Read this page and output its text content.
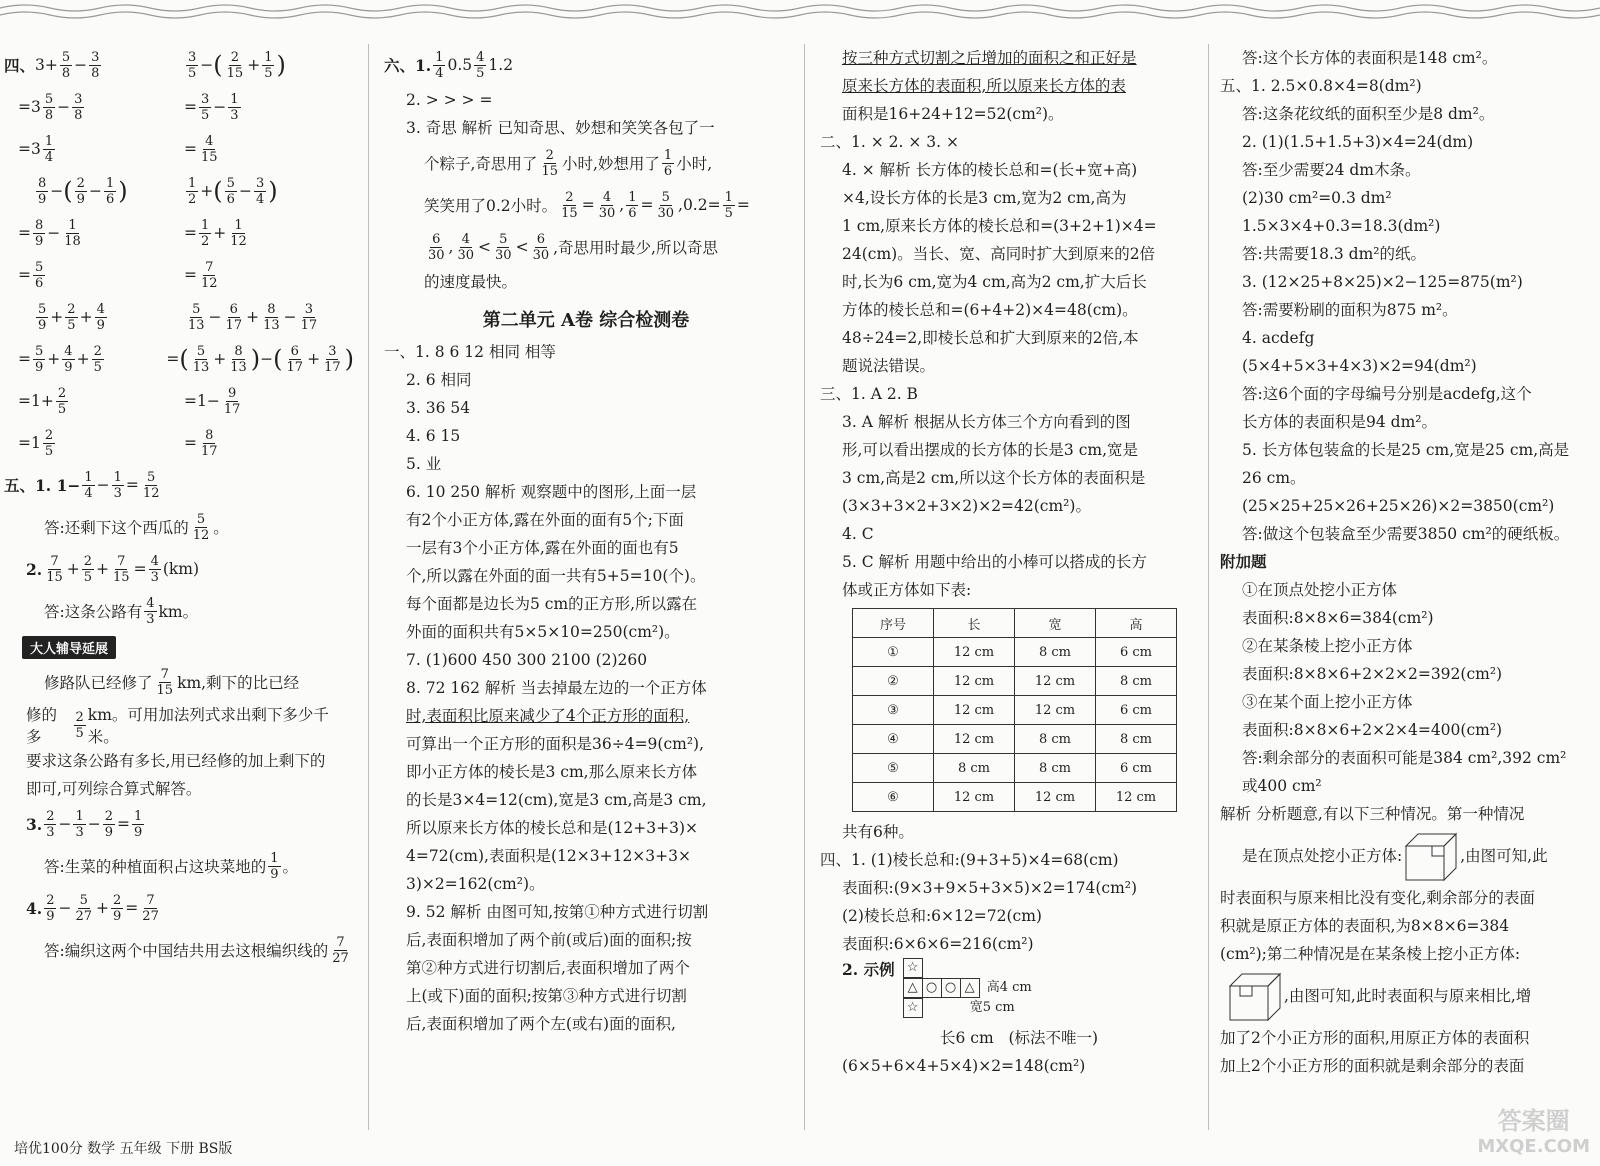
四、 $3+ \frac{5}{8} - \frac{3}{8}$	$\frac{3}{5}$ − ( $\frac{2}{15} + \frac{1}{5}$ )
$=3 \frac{5}{8} - \frac{3}{8}$	= $\frac{3}{5} - \frac{1}{3}$
$=3 \frac{1}{4}$	= $\frac{4}{15}$
$\frac{8}{9}$ − ( $\frac{2}{9} - \frac{1}{6}$ )	$\frac{1}{2}$ + ( $\frac{5}{6} - \frac{3}{4}$ )
= $\frac{8}{9} - \frac{1}{18}$	= $\frac{1}{2} + \frac{1}{12}$
= $\frac{5}{6}$	= $\frac{7}{12}$
$\frac{5}{9} + \frac{2}{5} + \frac{4}{9}$	$\frac{5}{13} - \frac{6}{17} + \frac{8}{13} - \frac{3}{17}$
= $\frac{5}{9} + \frac{4}{9} + \frac{2}{5}$	= ( $\frac{5}{13} + \frac{8}{13}$ ) − ( $\frac{6}{17} + \frac{3}{17}$ )
$=1+ \frac{2}{5}$	$=1- \frac{9}{17}$
$=1 \frac{2}{5}$	= $\frac{8}{17}$
五、1. $1- \frac{1}{4} - \frac{1}{3} = \frac{5}{12}$
答:还剩下这个西瓜的 $\frac{5}{12}$ 。
2. $\frac{7}{15} + \frac{2}{5} + \frac{7}{15} = \frac{4}{3} (km)$
答:这条公路有 $\frac{4}{3}$ km。
大人辅导延展
修路队已经修了 $\frac{7}{15}$ km,剩下的比已经
修的多	$\frac{2}{5}$ km。可用加法列式求出剩下多少千米。
要求这条公路有多长,用已经修的加上剩下的
即可,可列综合算式解答。
3. $\frac{2}{3} - \frac{1}{3} - \frac{2}{9} = \frac{1}{9}$
答:生菜的种植面积占这块菜地的 $\frac{1}{9}$ 。
4. $\frac{2}{9} - \frac{5}{27} + \frac{2}{9} = \frac{7}{27}$
答:编织这两个中国结共用去这根编织线的 $\frac{7}{27}$
培优100分 数学 五年级 下册 BS版
六、1. $\frac{1}{4} 0.5 \frac{4}{5} 1.2$
2. > > > =
3. 奇思 解析 已知奇思、妙想和笑笑各包了一
个粽子,奇思用了 $\frac{2}{15}$ 小时,妙想用了 $\frac{1}{6}$ 小时,
笑笑用了0.2小时。 $\frac{2}{15} = \frac{4}{30}$ , $\frac{1}{6} = \frac{5}{30} ,0.2= \frac{1}{5}$ =
$\frac{6}{30}$ , $\frac{4}{30} < \frac{5}{30} < \frac{6}{30}$ ,奇思用时最少,所以奇思
的速度最快。
第二单元 A卷 综合检测卷
一、1. 8 6 12 相同 相等
2. 6 相同
3. 36 54
4. 6 15
5. 业
6. 10 250 解析 观察题中的图形,上面一层
有2个小正方体,露在外面的面有5个;下面
一层有3个小正方体,露在外面的面也有5
个,所以露在外面的面一共有5+5=10(个)。
每个面都是边长为5 cm的正方形,所以露在
外面的面积共有5×5×10=250(cm²)。
7. (1)600 450 300 2100 (2)260
8. 72 162 解析 当去掉最左边的一个正方体
时,表面积比原来减少了4个正方形的面积,
可算出一个正方形的面积是36÷4=9(cm²),
即小正方体的棱长是3 cm,那么原来长方体
的长是3×4=12(cm),宽是3 cm,高是3 cm,
所以原来长方体的棱长总和是(12+3+3)×
4=72(cm),表面积是(12×3+12×3+3×
3)×2=162(cm²)。
9. 52 解析 由图可知,按第①种方式进行切割
后,表面积增加了两个前(或后)面的面积;按
第②种方式进行切割后,表面积增加了两个
上(或下)面的面积;按第③种方式进行切割
后,表面积增加了两个左(或右)面的面积,
按三种方式切割之后增加的面积之和正好是
原来长方体的表面积,所以原来长方体的表
面积是16+24+12=52(cm²)。
二、1. × 2. × 3. ×
4. × 解析 长方体的棱长总和=(长+宽+高)
×4,设长方体的长是3 cm,宽为2 cm,高为
1 cm,原来长方体的棱长总和=(3+2+1)×4=
24(cm)。当长、宽、高同时扩大到原来的2倍
时,长为6 cm,宽为4 cm,高为2 cm,扩大后长
方体的棱长总和=(6+4+2)×4=48(cm)。
48÷24=2,即棱长总和扩大到原来的2倍,本
题说法错误。
三、1. A 2. B
3. A 解析 根据从长方体三个方向看到的图
形,可以看出摆成的长方体的长是3 cm,宽是
3 cm,高是2 cm,所以这个长方体的表面积是
(3×3+3×2+3×2)×2=42(cm²)。
4. C
5. C 解析 用题中给出的小棒可以搭成的长方
体或正方体如下表:
序号	长	宽	高
①	12 cm	8 cm	6 cm
②	12 cm	12 cm	8 cm
③	12 cm	12 cm	6 cm
④	12 cm	8 cm	8 cm
⑤	8 cm	8 cm	6 cm
⑥	12 cm	12 cm	12 cm
共有6种。
四、1. (1)棱长总和:(9+3+5)×4=68(cm)
表面积:(9×3+9×5+3×5)×2=174(cm²)
(2)棱长总和:6×12=72(cm)
表面积:6×6×6=216(cm²)
2. 示例 ☆
△ ○ ○ △ 高4 cm
☆	宽5 cm
长6 cm (标法不唯一)
(6×5+6×4+5×4)×2=148(cm²)
答:这个长方体的表面积是148 cm²。
五、1. 2.5×0.8×4=8(dm²)
答:这条花纹纸的面积至少是8 dm²。
2. (1)(1.5+1.5+3)×4=24(dm)
答:至少需要24 dm木条。
(2)30 cm²=0.3 dm²
1.5×3×4+0.3=18.3(dm²)
答:共需要18.3 dm²的纸。
3. (12×25+8×25)×2−125=875(m²)
答:需要粉刷的面积为875 m²。
4. acdefg
(5×4+5×3+4×3)×2=94(dm²)
答:这6个面的字母编号分别是acdefg,这个
长方体的表面积是94 dm²。
5. 长方体包装盒的长是25 cm,宽是25 cm,高是
26 cm。
(25×25+25×26+25×26)×2=3850(cm²)
答:做这个包装盒至少需要3850 cm²的硬纸板。
附加题
①在顶点处挖小正方体
表面积:8×8×6=384(cm²)
②在某条棱上挖小正方体
表面积:8×8×6+2×2×2=392(cm²)
③在某个面上挖小正方体
表面积:8×8×6+2×2×4=400(cm²)
答:剩余部分的表面积可能是384 cm²,392 cm²
或400 cm²
解析 分析题意,有以下三种情况。第一种情况
是在顶点处挖小正方体:	,由图可知,此
时表面积与原来相比没有变化,剩余部分的表面
积就是原正方体的表面积,为8×8×6=384
(cm²);第二种情况是在某条棱上挖小正方体:
,由图可知,此时表面积与原来相比,增
加了2个小正方形的面积,用原正方体的表面积
加上2个小正方形的面积就是剩余部分的表面
答案圈
MXQE.COM
